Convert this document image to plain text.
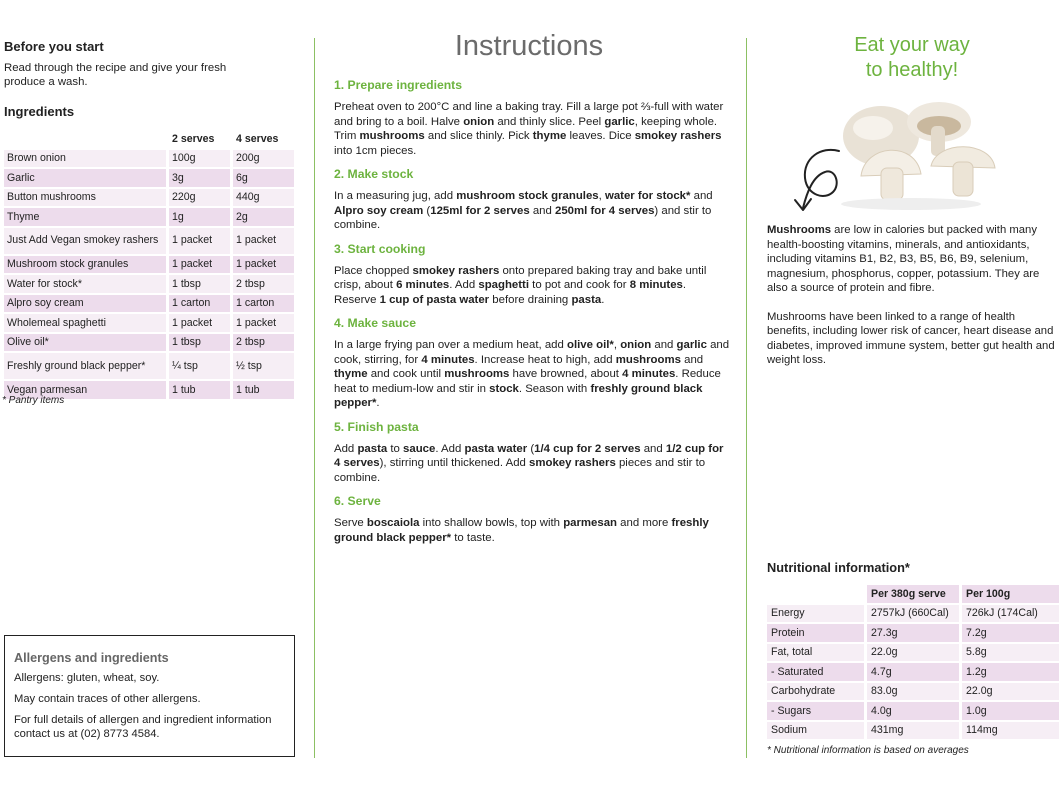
Before you start
Read through the recipe and give your fresh produce a wash.
Ingredients
	2 serves	4 serves
Brown onion	100g	200g
Garlic	3g	6g
Button mushrooms	220g	440g
Thyme	1g	2g
Just Add Vegan smokey rashers	1 packet	1 packet
Mushroom stock granules	1 packet	1 packet
Water for stock*	1 tbsp	2 tbsp
Alpro soy cream	1 carton	1 carton
Wholemeal spaghetti	1 packet	1 packet
Olive oil*	1 tbsp	2 tbsp
Freshly ground black pepper*	¼ tsp	½ tsp
Vegan parmesan	1 tub	1 tub
* Pantry items
Allergens and ingredients

Allergens: gluten, wheat, soy.

May contain traces of other allergens.

For full details of allergen and ingredient information contact us at (02) 8773 4584.

Instructions
1. Prepare ingredients
Preheat oven to 200°C and line a baking tray. Fill a large pot ⅔-full with water and bring to a boil. Halve onion and thinly slice. Peel garlic, keeping whole. Trim mushrooms and slice thinly. Pick thyme leaves. Dice smokey rashers into 1cm pieces.
2. Make stock
In a measuring jug, add mushroom stock granules, water for stock* and Alpro soy cream (125ml for 2 serves and 250ml for 4 serves) and stir to combine.
3. Start cooking
Place chopped smokey rashers onto prepared baking tray and bake until crisp, about 6 minutes. Add spaghetti to pot and cook for 8 minutes. Reserve 1 cup of pasta water before draining pasta.
4. Make sauce
In a large frying pan over a medium heat, add olive oil*, onion and garlic and cook, stirring, for 4 minutes. Increase heat to high, add mushrooms and thyme and cook until mushrooms have browned, about 4 minutes. Reduce heat to medium-low and stir in stock. Season with freshly ground black pepper*.
5. Finish pasta
Add pasta to sauce. Add pasta water (1/4 cup for 2 serves and 1/2 cup for 4 serves), stirring until thickened. Add smokey rashers pieces and stir to combine.
6. Serve
Serve boscaiola into shallow bowls, top with parmesan and more freshly ground black pepper* to taste.
Eat your way
to healthy!

Mushrooms are low in calories but packed with many health-boosting vitamins, minerals, and antioxidants, including vitamins B1, B2, B3, B5, B6, B9, selenium, magnesium, phosphorus, copper, potassium. They are also a source of protein and fibre.

Mushrooms have been linked to a range of health benefits, including lower risk of cancer, heart disease and diabetes, improved immune system, better gut health and weight loss.

Nutritional information*
	Per 380g serve	Per 100g
Energy	2757kJ (660Cal)	726kJ (174Cal)
Protein	27.3g	7.2g
Fat, total	22.0g	5.8g
- Saturated	4.7g	1.2g
Carbohydrate	83.0g	22.0g
- Sugars	4.0g	1.0g
Sodium	431mg	114mg
* Nutritional information is based on averages
